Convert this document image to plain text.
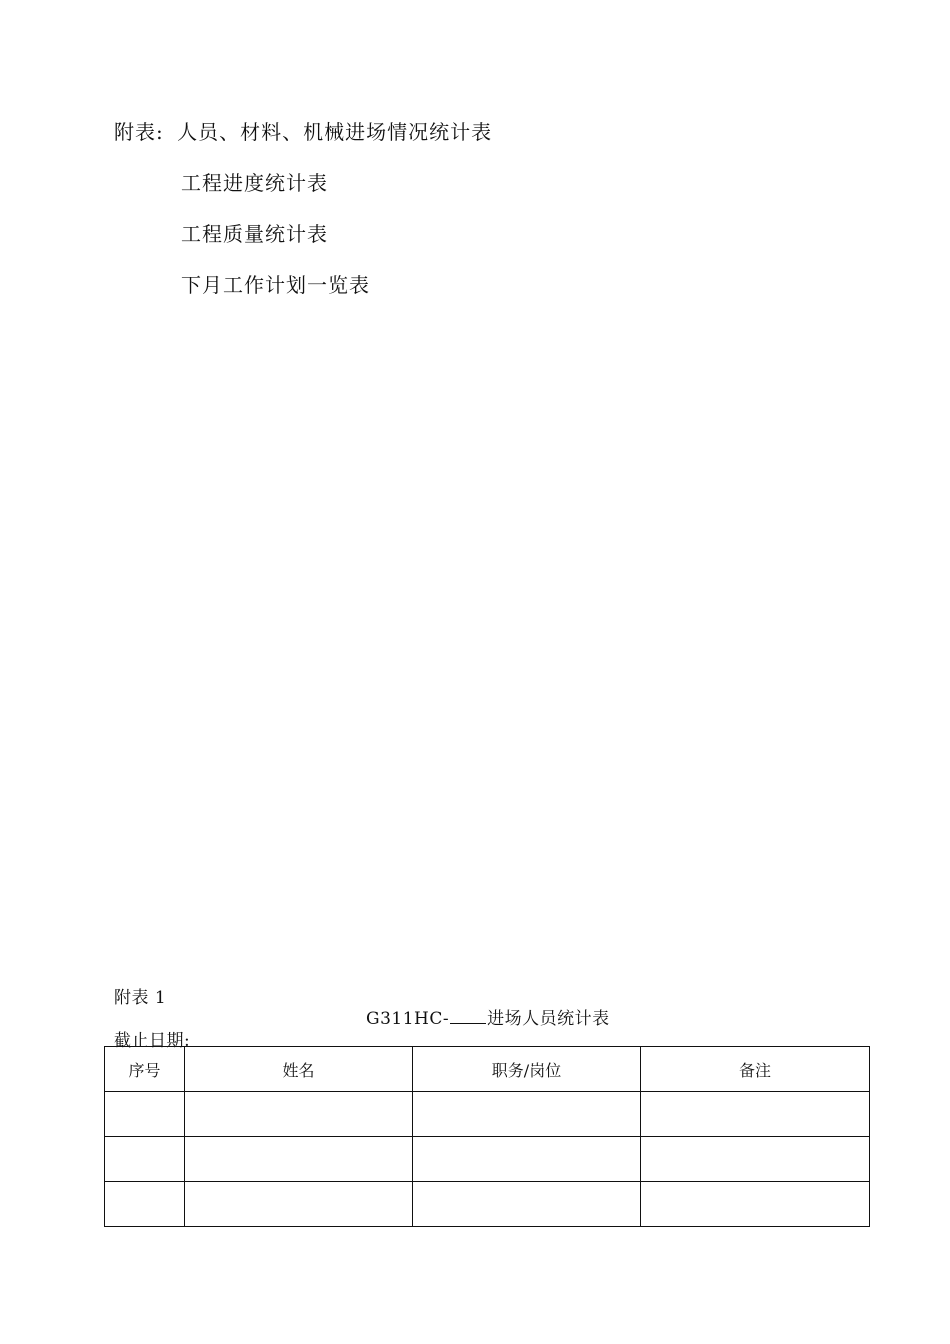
附表: 人员、材料、机械进场情况统计表
工程进度统计表
工程质量统计表
下月工作计划一览表
附表 1
G311HC- 进场人员统计表
截止日期:
序号	姓名	职务/岗位	备注
